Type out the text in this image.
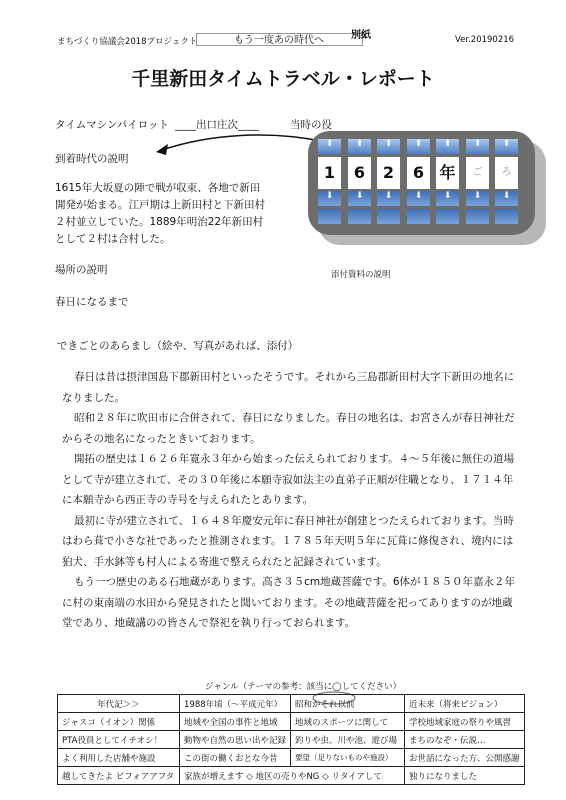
まちづくり協議会2018プロジェクト	もう一度あの時代へ	別紙	Ver.20190216
千里新田タイムトラベル・レポート
タイムマシンパイロット ____出口庄次____	当時の役
到着時代の説明
1615年大坂夏の陣で戦が収束、各地で新田
開発が始まる。江戸期は上新田村と下新田村
２村並立していた。1889年明治22年新田村
として２村は合村した。
場所の説明
春日になるまで
⬆
1
⬇
⬆
6
⬇
⬆
2
⬇
⬆
6
⬇
⬆
年
⬇
⬆
ご
⬇
⬆
ろ
⬇
添付資料の説明
できごとのあらまし（絵や、写真があれば、添付）

春日は昔は摂津国島下郡新田村といったそうです。それから三島郡新田村大字下新田の地名に
なりました。

昭和２８年に吹田市に合併されて、春日になりました。春日の地名は、お宮さんが春日神社だ
からその地名になったときいております。

開拓の歴史は１６２６年寛永３年から始まった伝えられております。４〜５年後に無住の道場
として寺が建立されて、その３０年後に本願寺寂如法主の直弟子正順が住職となり、１７１４年
に本願寺から西正寺の寺号を与えられたとあります。

最初に寺が建立されて、１６４８年慶安元年に春日神社が創建とつたえられております。当時
はわら葺で小さな社であったと推測されます。１７８５年天明５年に瓦葺に修復され、境内には
狛犬、手水鉢等も村人による寄進で整えられたと記録されています。

もう一つ歴史のある石地蔵があります。高さ３５cm地蔵菩薩です。6体が１８５０年嘉永２年
に村の東南端の水田から発見されたと聞いております。その地蔵菩薩を祀ってありますのが地蔵
堂であり、地蔵講のの皆さんで祭祀を執り行っておられます。

ジャンル（テーマの参考：該当に◯してください）
年代記＞＞	1988年頃（〜平成元年）	昭和かそれ以前	近未来（将来ビジョン）
ジャスコ（イオン）関係	地域や全国の事件と地域	地域のスポーツに関して	学校地域家庭の祭りや風習
PTA役員としてイチオシ！	動物や自然の思い出や記録	釣りや虫、川や池、遊び場	まちのなぞ・伝説…
よく利用した店舗や施設	この街の働くおとな今昔	要望（足りないものや施設）	お世話になった方、公開感謝
越してきたよ ビフォアアフタ	家族が増えます ◇ 地区の売りやNG ◇ リタイアして		独りになりました
